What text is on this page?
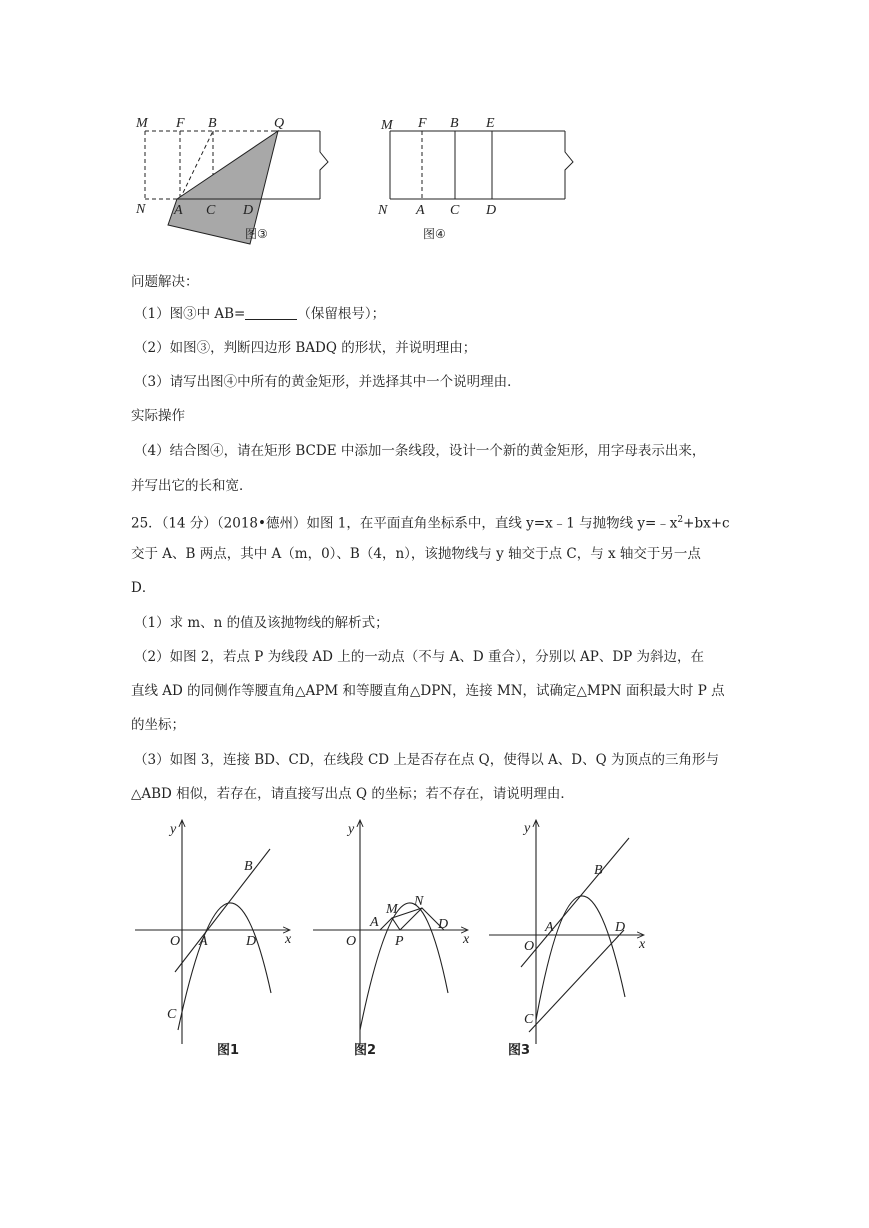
M F B	Q
N A C D
图③
M F B E
N A C D
图④
问题解决：
（1）图③中 AB=	（保留根号）；
（2）如图③，判断四边形 BADQ 的形状，并说明理由；
（3）请写出图④中所有的黄金矩形，并选择其中一个说明理由．
实际操作
（4）结合图④，请在矩形 BCDE 中添加一条线段，设计一个新的黄金矩形，用字母表示出来，
并写出它的长和宽．
25．（14 分）（2018•德州）如图 1，在平面直角坐标系中，直线 y=x﹣1 与抛物线 $y=﹣x^2+bx+c$
交于 A、B 两点，其中 A（m，0）、B（4，n），该抛物线与 y 轴交于点 C，与 x 轴交于另一点
D．
（1）求 m、n 的值及该抛物线的解析式；
（2）如图 2，若点 P 为线段 AD 上的一动点（不与 A、D 重合），分别以 AP、DP 为斜边，在
直线 AD 的同侧作等腰直角△APM 和等腰直角△DPN，连接 MN，试确定△MPN 面积最大时 P 点
的坐标；
（3）如图 3，连接 BD、CD，在线段 CD 上是否存在点 Q，使得以 A、D、Q 为顶点的三角形与
△ABD 相似，若存在，请直接写出点 Q 的坐标；若不存在，请说明理由．
y
x
O A
B
D
C
图1
y
x
O
A
M
N
P
D
图2
y
x
O
A
B
D
C
图3
